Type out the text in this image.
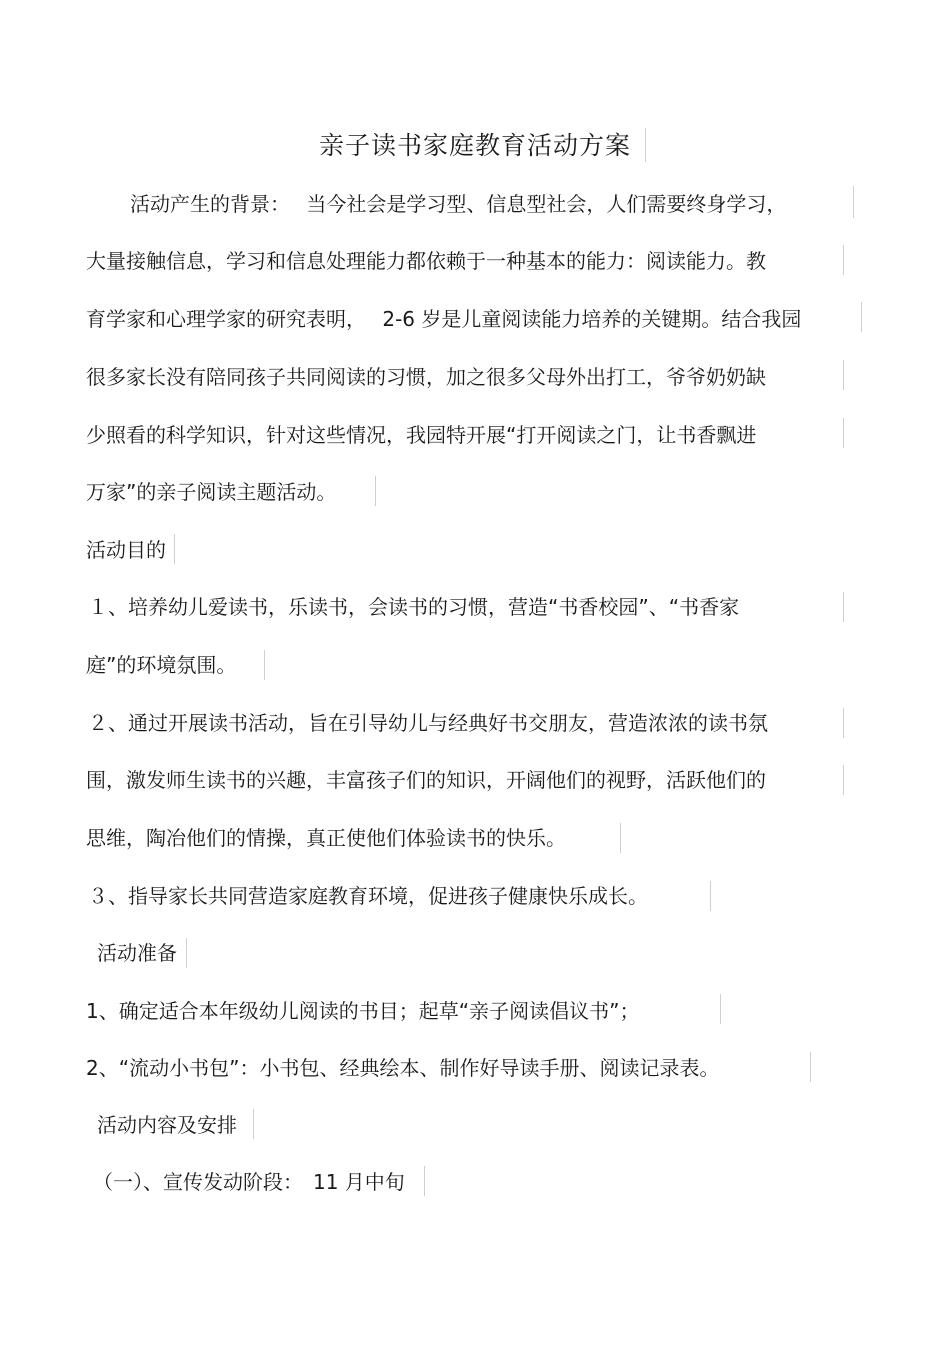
亲子读书家庭教育活动方案
活动产生的背景：　 当今社会是学习型、信息型社会，人们需要终身学习，
大量接触信息，学习和信息处理能力都依赖于一种基本的能力：阅读能力。教
育学家和心理学家的研究表明，　 2-6 岁是儿童阅读能力培养的关键期。结合我园
很多家长没有陪同孩子共同阅读的习惯，加之很多父母外出打工，爷爷奶奶缺
少照看的科学知识，针对这些情况，我园特开展“打开阅读之门，让书香飘进
万家”的亲子阅读主题活动。
活动目的
１、培养幼儿爱读书，乐读书，会读书的习惯，营造“书香校园”、“书香家
庭”的环境氛围。
２、通过开展读书活动，旨在引导幼儿与经典好书交朋友，营造浓浓的读书氛
围，激发师生读书的兴趣，丰富孩子们的知识，开阔他们的视野，活跃他们的
思维，陶冶他们的情操，真正使他们体验读书的快乐。
３、指导家长共同营造家庭教育环境，促进孩子健康快乐成长。
活动准备
1、确定适合本年级幼儿阅读的书目；起草“亲子阅读倡议书”；
2、“流动小书包”：小书包、经典绘本、制作好导读手册、阅读记录表。
活动内容及安排
（一）、宣传发动阶段：　11 月中旬
